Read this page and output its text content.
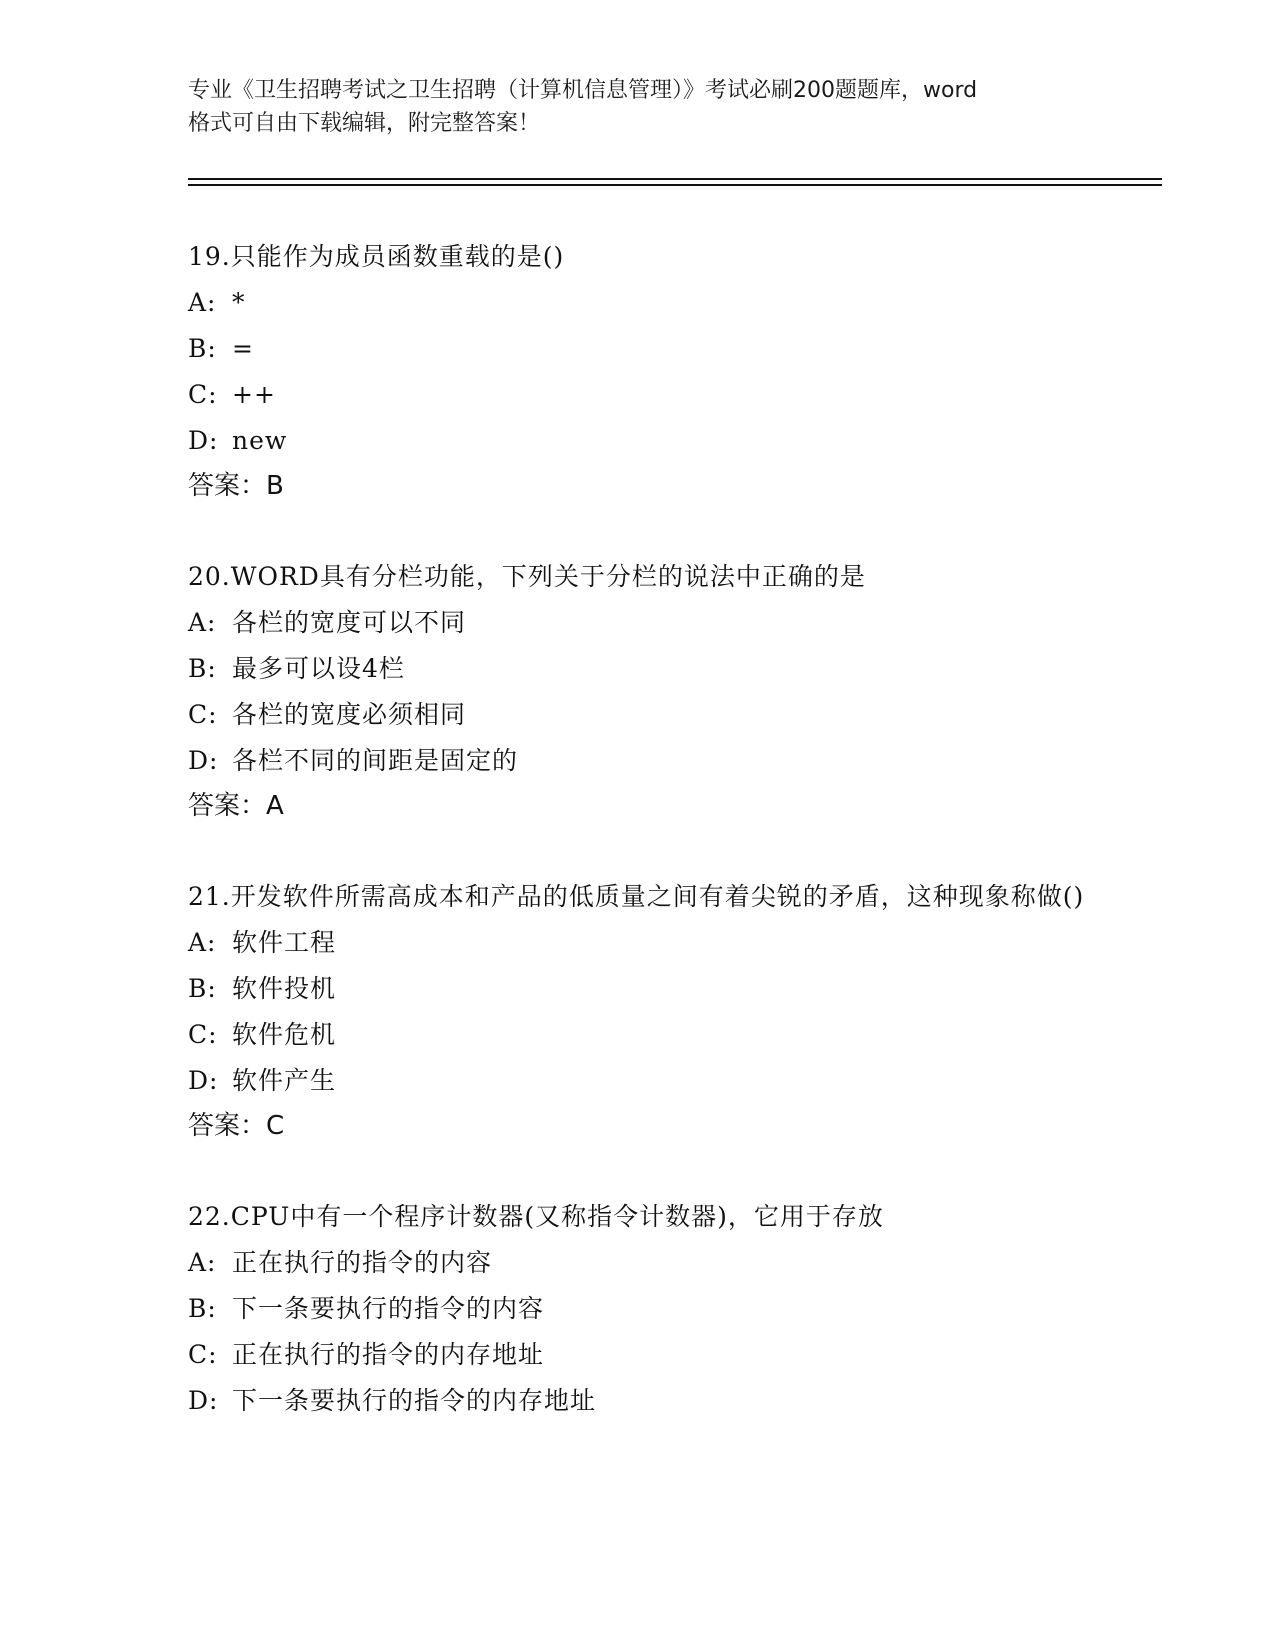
专业《卫生招聘考试之卫生招聘（计算机信息管理）》考试必刷200题题库，word
格式可自由下载编辑，附完整答案！
19.只能作为成员函数重载的是()
A: *
B: =
C: ++
D: new
答案：B
20.WORD具有分栏功能，下列关于分栏的说法中正确的是
A: 各栏的宽度可以不同
B: 最多可以设4栏
C: 各栏的宽度必须相同
D: 各栏不同的间距是固定的
答案：A
21.开发软件所需高成本和产品的低质量之间有着尖锐的矛盾，这种现象称做()
A: 软件工程
B: 软件投机
C: 软件危机
D: 软件产生
答案：C
22.CPU中有一个程序计数器(又称指令计数器)，它用于存放
A: 正在执行的指令的内容
B: 下一条要执行的指令的内容
C: 正在执行的指令的内存地址
D: 下一条要执行的指令的内存地址
